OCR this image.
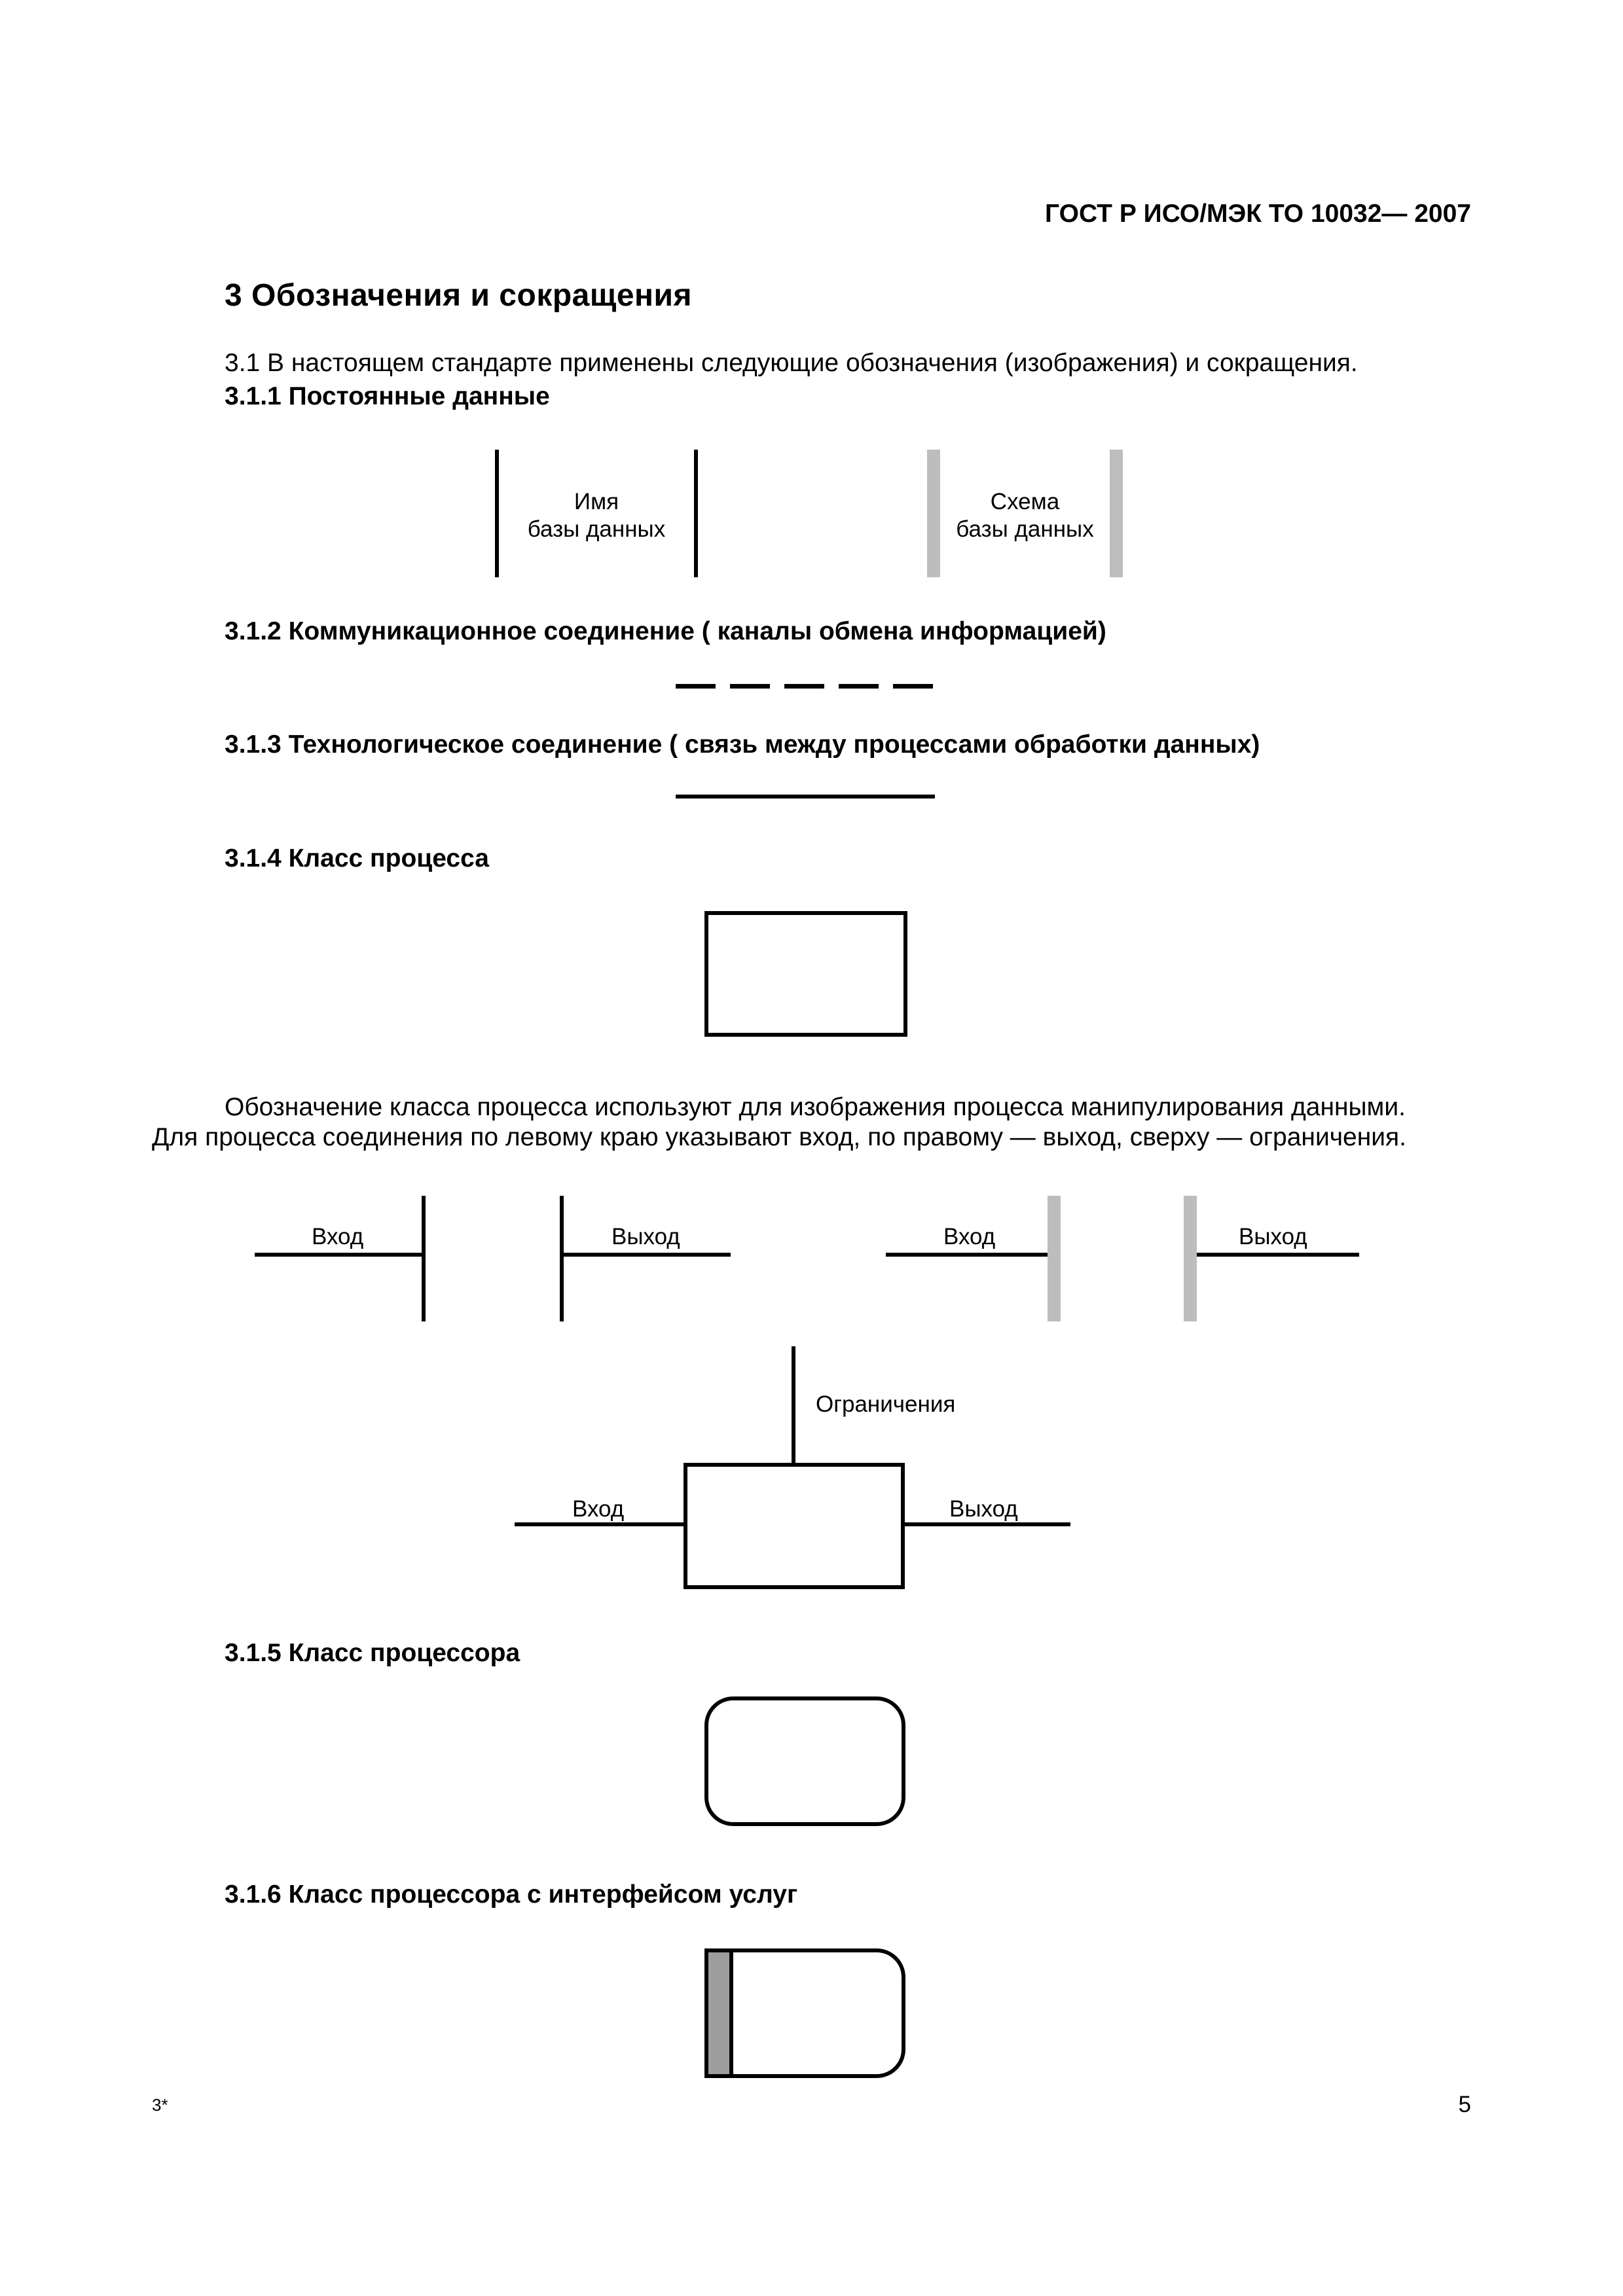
ГОСТ Р ИСО/МЭК ТО 10032— 2007
3 Обозначения и сокращения
3.1 В настоящем стандарте применены следующие обозначения (изображения) и сокращения.
3.1.1 Постоянные данные
Имя
базы данных
Схема
базы данных
3.1.2 Коммуникационное соединение ( каналы обмена информацией)
3.1.3 Технологическое соединение ( связь между процессами обработки данных)
3.1.4 Класс процесса
Обозначение класса процесса используют для изображения процесса манипулирования данными.
Для процесса соединения по левому краю указывают вход, по правому — выход, сверху — ограничения.
Вход	Выход	Вход	Выход
Ограничения
Вход	Выход
3.1.5 Класс процессора
3.1.6 Класс процессора с интерфейсом услуг
3*	5
